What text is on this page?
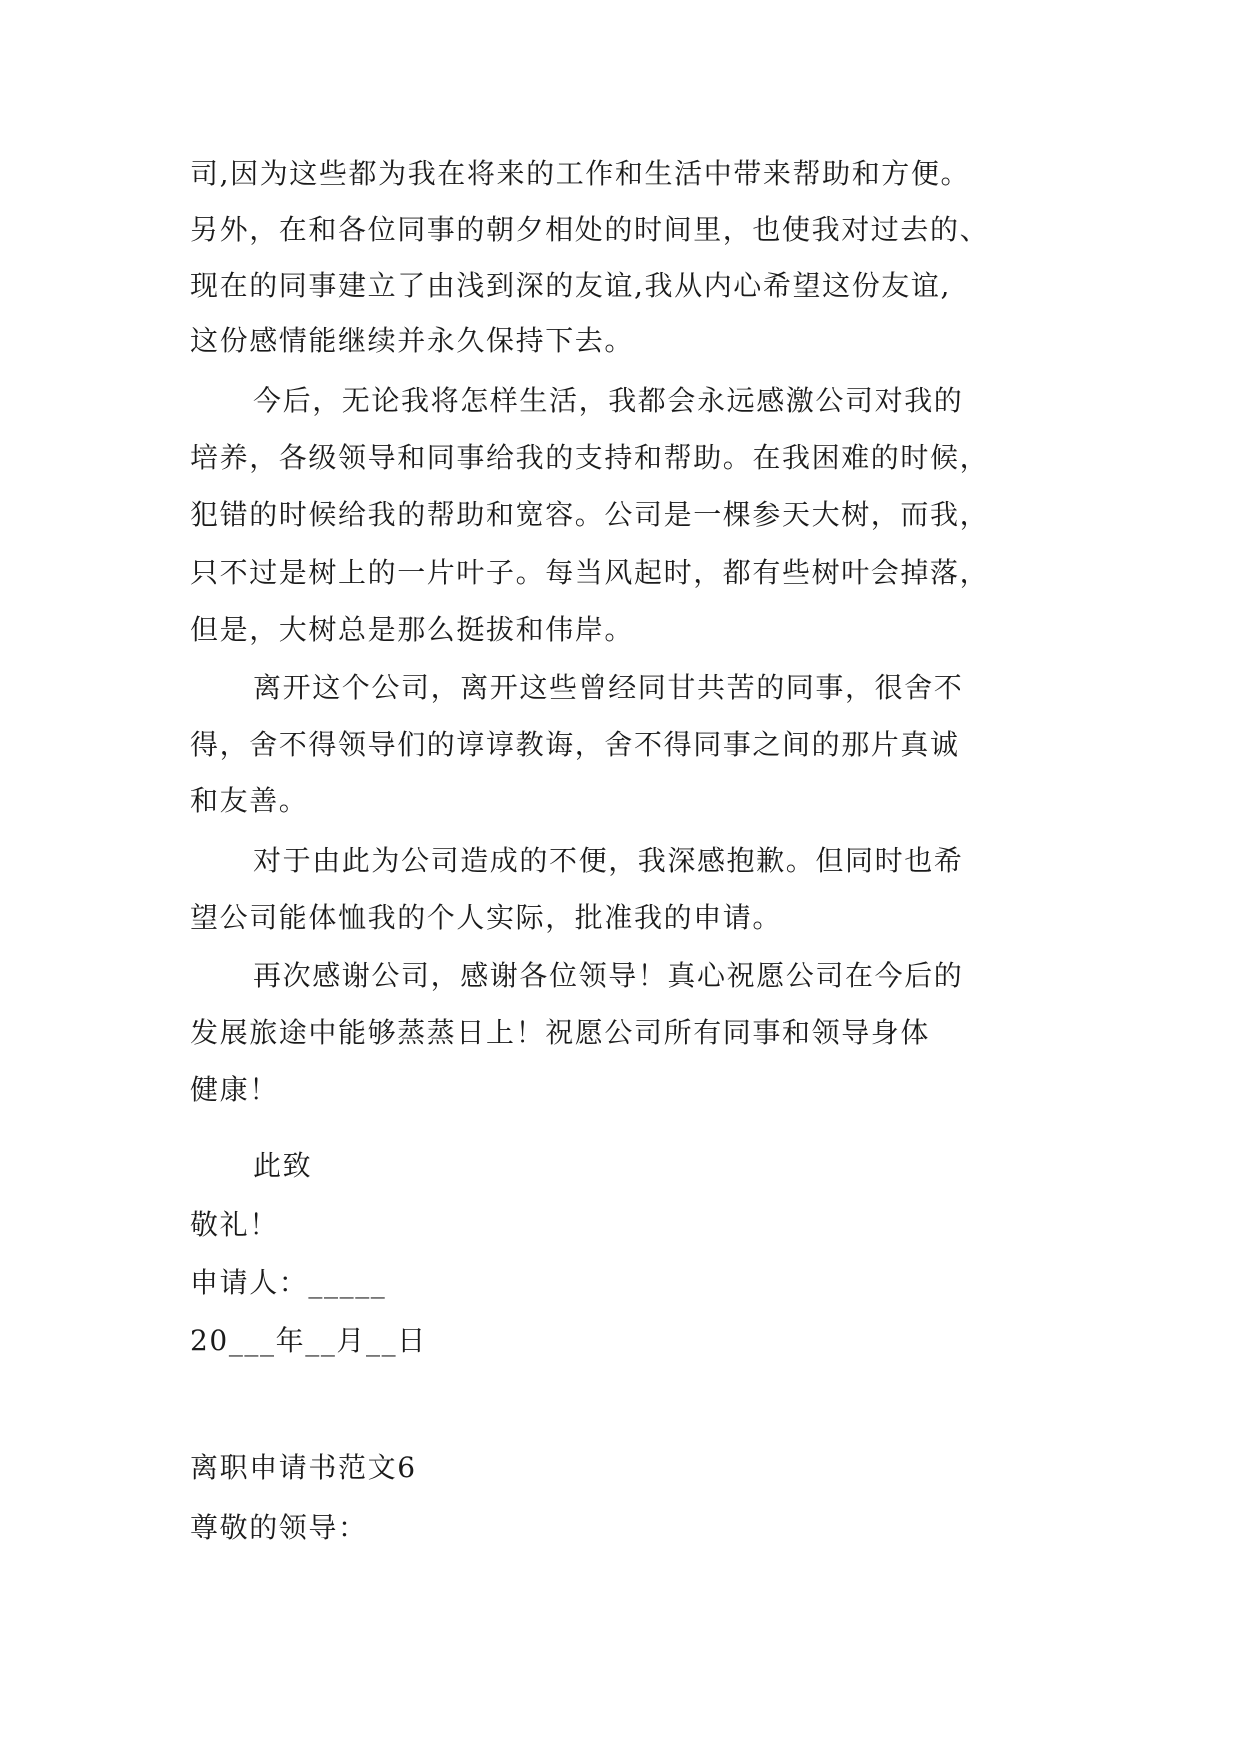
司,因为这些都为我在将来的工作和生活中带来帮助和方便。
另外，在和各位同事的朝夕相处的时间里，也使我对过去的、
现在的同事建立了由浅到深的友谊,我从内心希望这份友谊,
这份感情能继续并永久保持下去。
今后，无论我将怎样生活，我都会永远感激公司对我的
培养，各级领导和同事给我的支持和帮助。在我困难的时候，
犯错的时候给我的帮助和宽容。公司是一棵参天大树，而我，
只不过是树上的一片叶子。每当风起时，都有些树叶会掉落，
但是，大树总是那么挺拔和伟岸。
离开这个公司，离开这些曾经同甘共苦的同事，很舍不
得，舍不得领导们的谆谆教诲，舍不得同事之间的那片真诚
和友善。
对于由此为公司造成的不便，我深感抱歉。但同时也希
望公司能体恤我的个人实际，批准我的申请。
再次感谢公司，感谢各位领导！真心祝愿公司在今后的
发展旅途中能够蒸蒸日上！祝愿公司所有同事和领导身体
健康！
此致
敬礼！
申请人：_____
20___年__月__日
离职申请书范文6
尊敬的领导：
